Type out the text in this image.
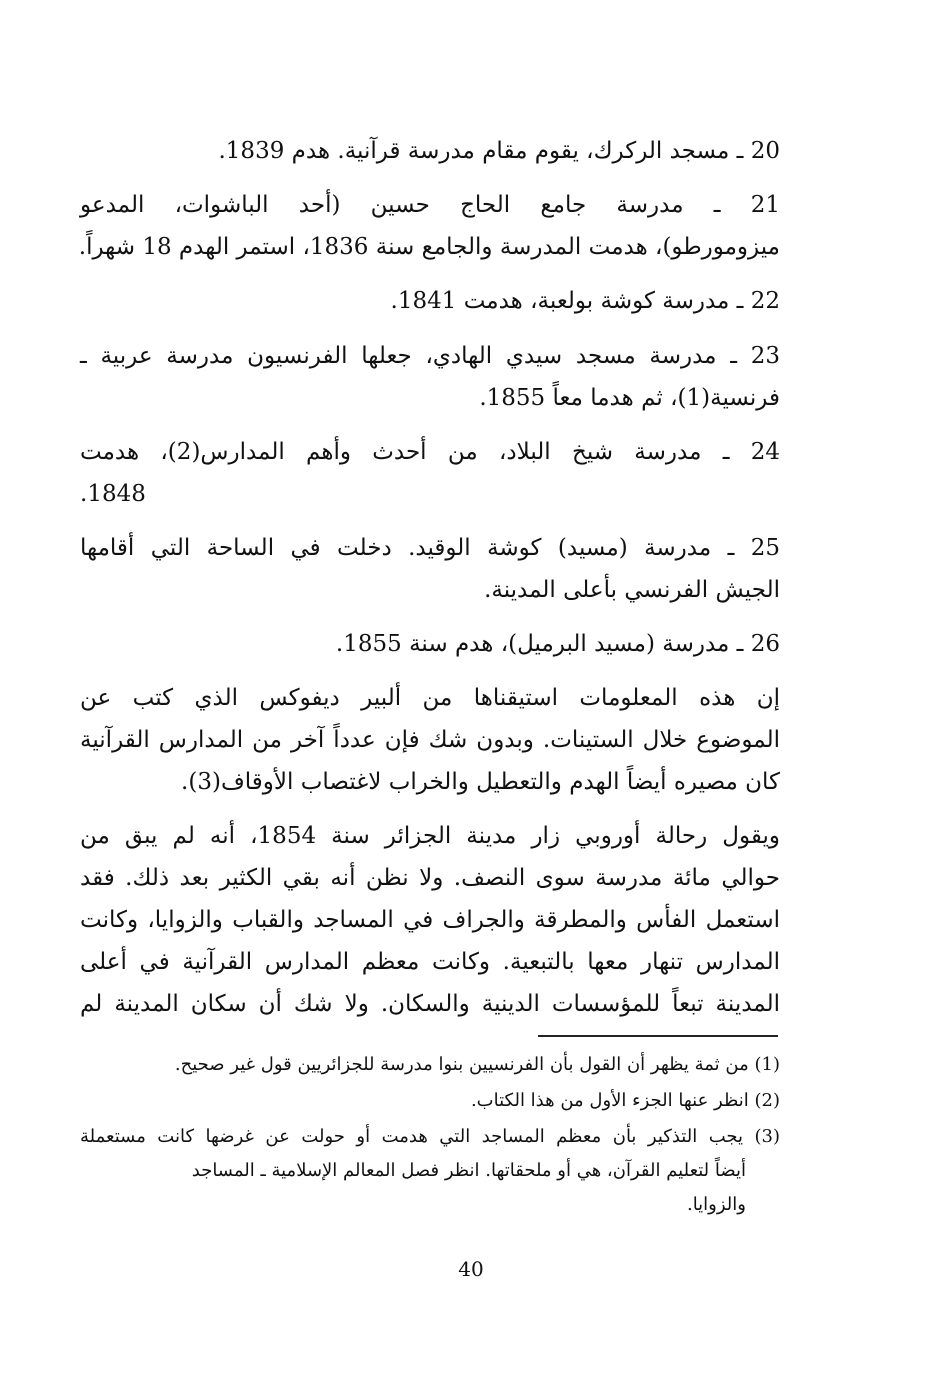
20 ـ مسجد الركرك، يقوم مقام مدرسة قرآنية. هدم 1839.
21 ـ مدرسة جامع الحاج حسين (أحد الباشوات، المدعو
ميزومورطو)، هدمت المدرسة والجامع سنة 1836، استمر الهدم 18 شهراً.
22 ـ مدرسة كوشة بولعبة، هدمت 1841.
23 ـ مدرسة مسجد سيدي الهادي، جعلها الفرنسيون مدرسة عربية ـ
فرنسية(1)، ثم هدما معاً 1855.
24 ـ مدرسة شيخ البلاد، من أحدث وأهم المدارس(2)، هدمت
1848.
25 ـ مدرسة (مسيد) كوشة الوقيد. دخلت في الساحة التي أقامها
الجيش الفرنسي بأعلى المدينة.
26 ـ مدرسة (مسيد البرميل)، هدم سنة 1855.
إن هذه المعلومات استيقناها من ألبير ديفوكس الذي كتب عن
الموضوع خلال الستينات. وبدون شك فإن عدداً آخر من المدارس القرآنية
كان مصيره أيضاً الهدم والتعطيل والخراب لاغتصاب الأوقاف(3).
ويقول رحالة أوروبي زار مدينة الجزائر سنة 1854، أنه لم يبق من
حوالي مائة مدرسة سوى النصف. ولا نظن أنه بقي الكثير بعد ذلك. فقد
استعمل الفأس والمطرقة والجراف في المساجد والقباب والزوايا، وكانت
المدارس تنهار معها بالتبعية. وكانت معظم المدارس القرآنية في أعلى
المدينة تبعاً للمؤسسات الدينية والسكان. ولا شك أن سكان المدينة لم
(1) من ثمة يظهر أن القول بأن الفرنسيين بنوا مدرسة للجزائريين قول غير صحيح.
(2) انظر عنها الجزء الأول من هذا الكتاب.
(3) يجب التذكير بأن معظم المساجد التي هدمت أو حولت عن غرضها كانت مستعملة
أيضاً لتعليم القرآن، هي أو ملحقاتها. انظر فصل المعالم الإسلامية ـ المساجد
والزوايا.
40
